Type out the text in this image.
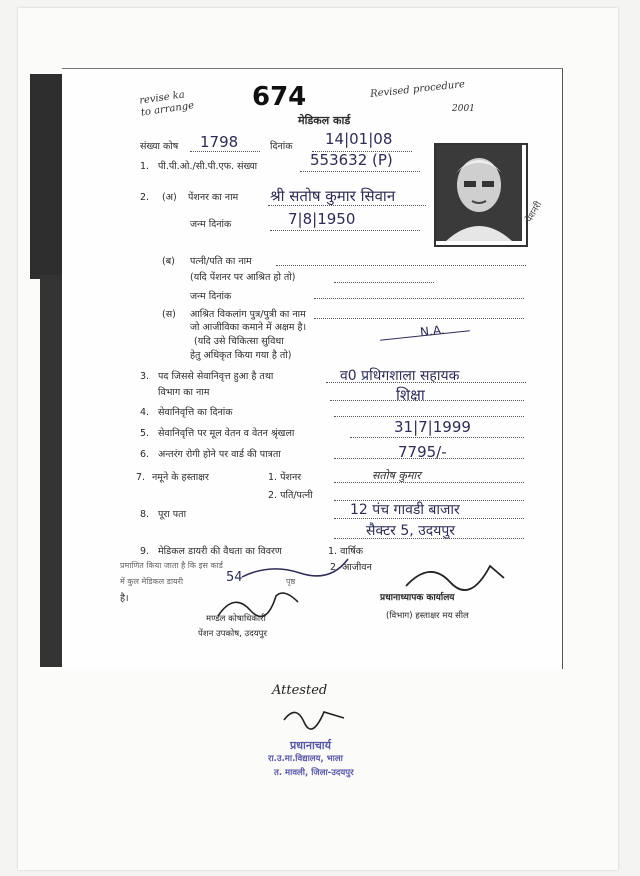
revise ka
to arrange 674	Revised procedure
2001
मेडिकल कार्ड
संख्या कोष 1798	दिनांक 14|01|08
1. पी.पी.ओ./सी.पी.एफ. संख्या	553632 (P)
2. (अ) पेंशनर का नाम श्री सतोष कुमार सिवान
जन्म दिनांक	7|8|1950	पेंशनरी
(ब) पत्नी/पति का नाम
(यदि पेंशनर पर आश्रित हो तो)
जन्म दिनांक
(स) आश्रित विकलांग पुत्र/पुत्री का नाम
जो आजीविका कमाने में अक्षम है।	N.A.
(यदि उसे चिकित्सा सुविधा
हेतु अधिकृत किया गया है तो)
3. पद जिससे सेवानिवृत्त हुआ है तथा	व0 प्रधिगशाला सहायक
विभाग का नाम	शिक्षा
4. सेवानिवृत्ति का दिनांक
5. सेवानिवृत्ति पर मूल वेतन व वेतन श्रृंखला	31|7|1999
6. अन्तरंग रोगी होने पर वार्ड की पात्रता	7795/-
7. नमूने के हस्ताक्षर	1. पेंशनर	सतोष कुमार
2. पति/पत्नी
8. पूरा पता	12 पंच गावडी बाजार
सैक्टर 5, उदयपुर
9. मेडिकल डायरी की वैधता का विवरण	1. वार्षिक
प्रमाणित किया जाता है कि इस कार्ड	2. आजीवन
में कुल मेडिकल डायरी	54	पृष्ठ
है।
मण्डल कोषाधिकारी
पेंशन उपकोष, उदयपुर
प्रधानाध्यापक कार्यालय
(विभाग) हस्ताक्षर मय सील
Attested
प्रधानाचार्य
रा.उ.मा.विद्यालय, भाला
त. मावली, जिला-उदयपुर
